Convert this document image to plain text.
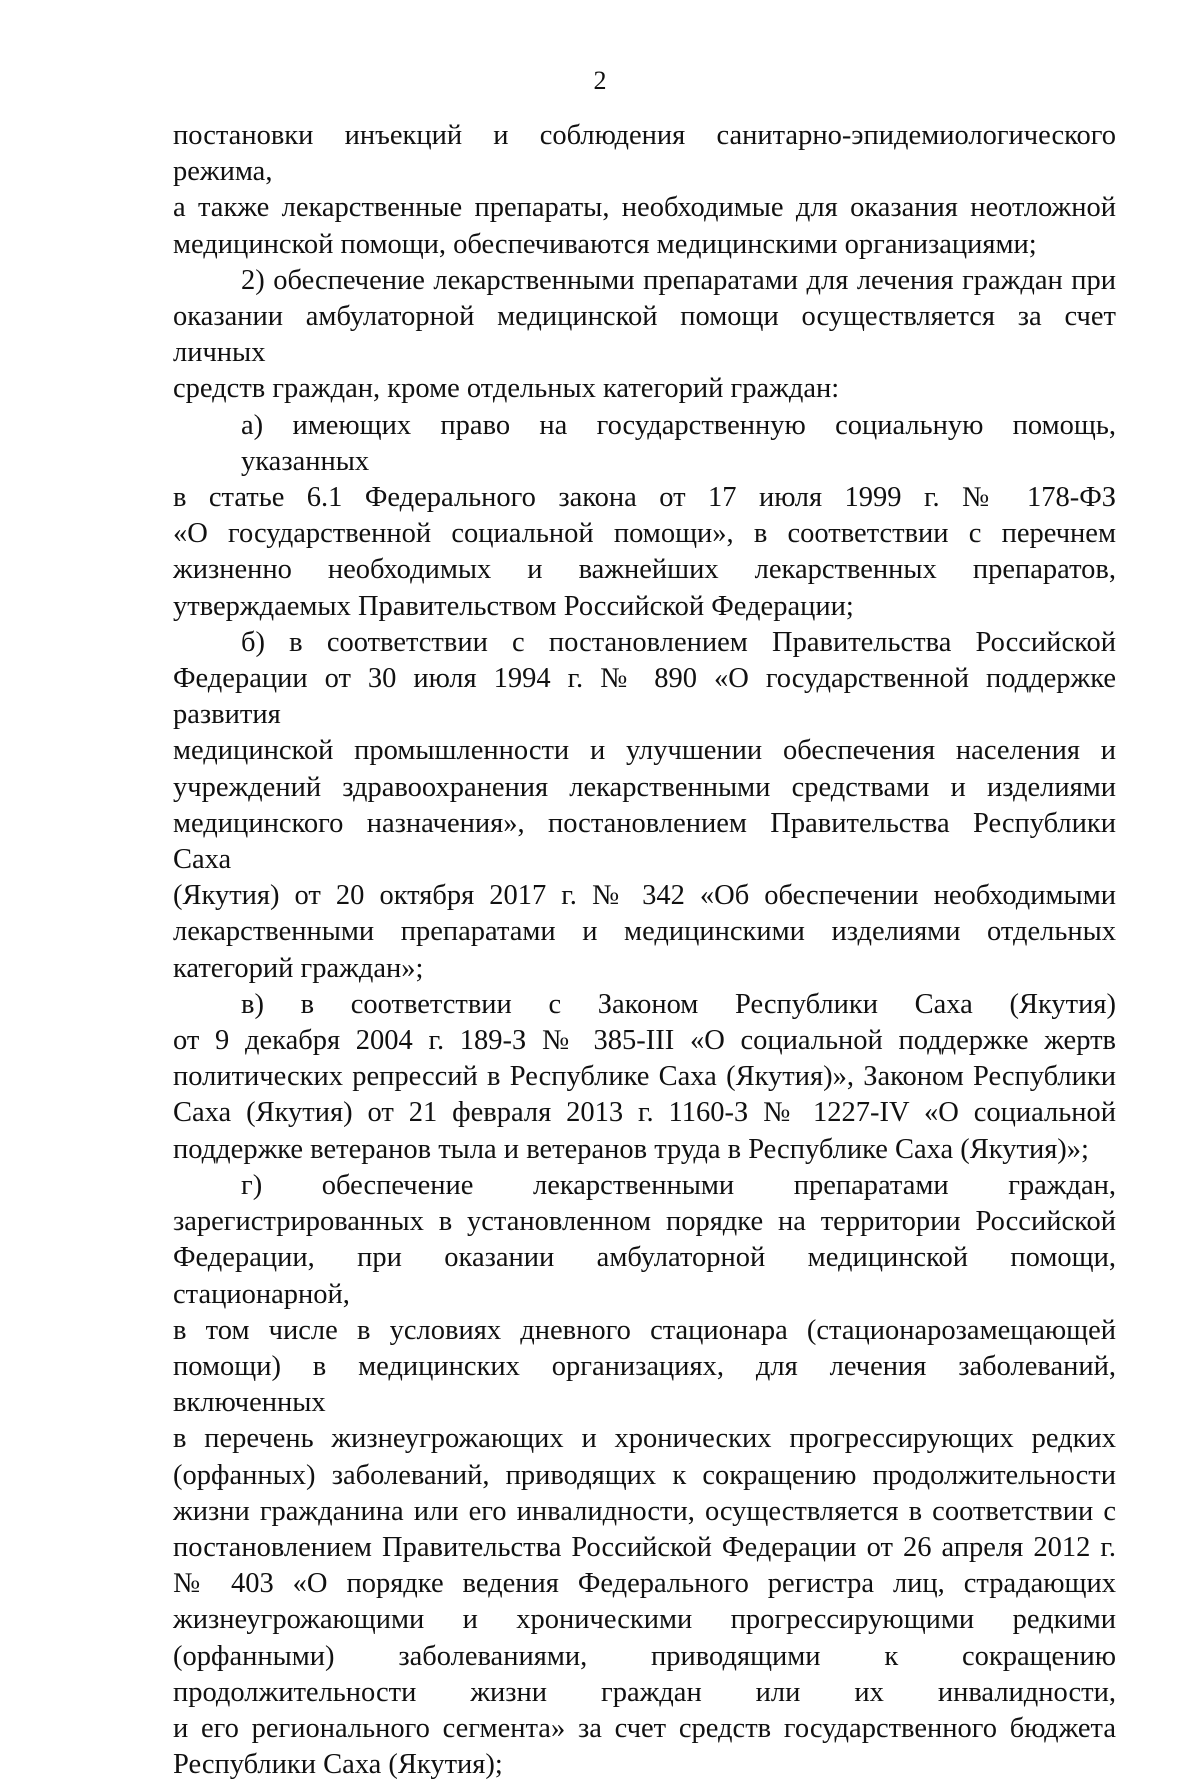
2
постановки инъекций и соблюдения санитарно-эпидемиологического режима,
а также лекарственные препараты, необходимые для оказания неотложной
медицинской помощи, обеспечиваются медицинскими организациями;
2) обеспечение лекарственными препаратами для лечения граждан при
оказании амбулаторной медицинской помощи осуществляется за счет личных
средств граждан, кроме отдельных категорий граждан:
а) имеющих право на государственную социальную помощь, указанных
в статье 6.1 Федерального закона от 17 июля 1999 г. № 178-ФЗ
«О государственной социальной помощи», в соответствии с перечнем
жизненно необходимых и важнейших лекарственных препаратов,
утверждаемых Правительством Российской Федерации;
б) в соответствии с постановлением Правительства Российской
Федерации от 30 июля 1994 г. № 890 «О государственной поддержке развития
медицинской промышленности и улучшении обеспечения населения и
учреждений здравоохранения лекарственными средствами и изделиями
медицинского назначения», постановлением Правительства Республики Саха
(Якутия) от 20 октября 2017 г. № 342 «Об обеспечении необходимыми
лекарственными препаратами и медицинскими изделиями отдельных
категорий граждан»;
в) в соответствии с Законом Республики Саха (Якутия)
от 9 декабря 2004 г. 189-З № 385-III «О социальной поддержке жертв
политических репрессий в Республике Саха (Якутия)», Законом Республики
Саха (Якутия) от 21 февраля 2013 г. 1160-З № 1227-IV «О социальной
поддержке ветеранов тыла и ветеранов труда в Республике Саха (Якутия)»;
г) обеспечение лекарственными препаратами граждан,
зарегистрированных в установленном порядке на территории Российской
Федерации, при оказании амбулаторной медицинской помощи, стационарной,
в том числе в условиях дневного стационара (стационарозамещающей
помощи) в медицинских организациях, для лечения заболеваний, включенных
в перечень жизнеугрожающих и хронических прогрессирующих редких
(орфанных) заболеваний, приводящих к сокращению продолжительности
жизни гражданина или его инвалидности, осуществляется в соответствии с
постановлением Правительства Российской Федерации от 26 апреля 2012 г.
№ 403 «О порядке ведения Федерального регистра лиц, страдающих
жизнеугрожающими и хроническими прогрессирующими редкими
(орфанными) заболеваниями, приводящими к сокращению
продолжительности жизни граждан или их инвалидности,
и его регионального сегмента» за счет средств государственного бюджета
Республики Саха (Якутия);
